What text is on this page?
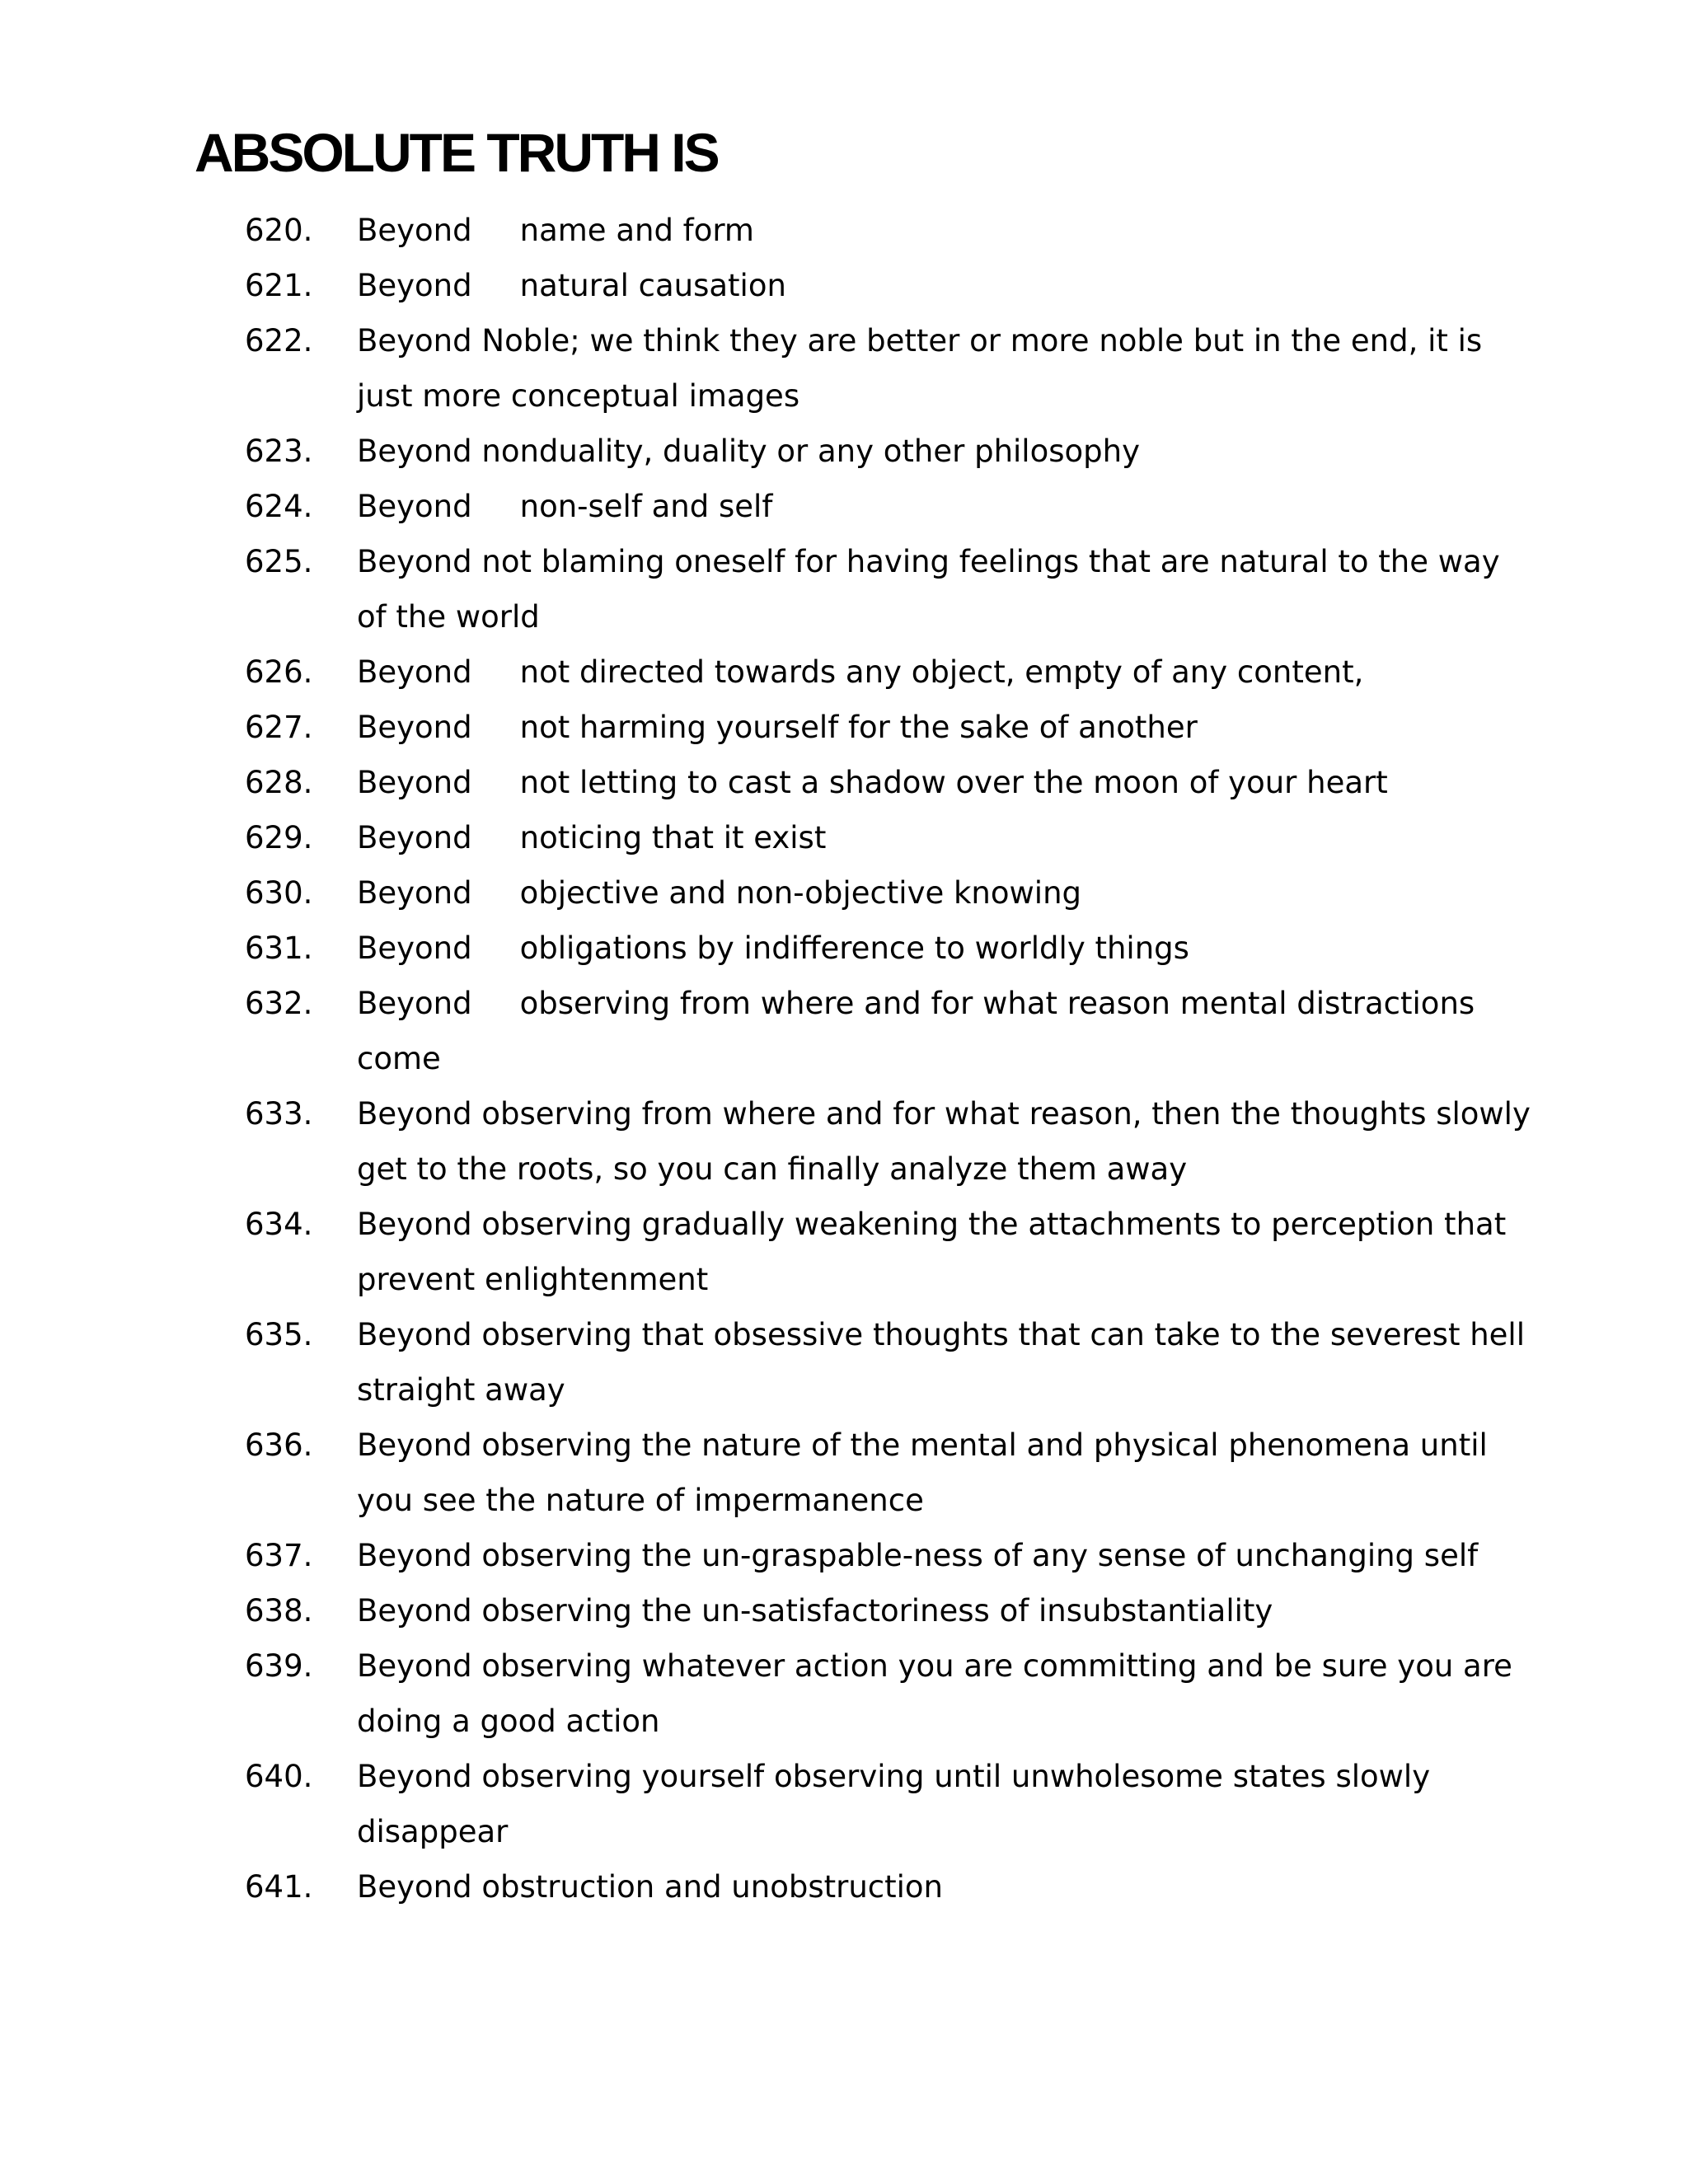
ABSOLUTE TRUTH IS
620. Beyond name and form
621. Beyond natural causation
622. Beyond Noble; we think they are better or more noble but in the end, it is just more conceptual images
623. Beyond nonduality, duality or any other philosophy
624. Beyond non-self and self
625. Beyond not blaming oneself for having feelings that are natural to the way of the world
626. Beyond not directed towards any object, empty of any content,
627. Beyond not harming yourself for the sake of another
628. Beyond not letting to cast a shadow over the moon of your heart
629. Beyond noticing that it exist
630. Beyond objective and non-objective knowing
631. Beyond obligations by indifference to worldly things
632. Beyond observing from where and for what reason mental distractions come
633. Beyond observing from where and for what reason, then the thoughts slowly get to the roots, so you can finally analyze them away
634. Beyond observing gradually weakening the attachments to perception that prevent enlightenment
635. Beyond observing that obsessive thoughts that can take to the severest hell straight away
636. Beyond observing the nature of the mental and physical phenomena until you see the nature of impermanence
637. Beyond observing the un-graspable-ness of any sense of unchanging self
638. Beyond observing the un-satisfactoriness of insubstantiality
639. Beyond observing whatever action you are committing and be sure you are doing a good action
640. Beyond observing yourself observing until unwholesome states slowly disappear
641. Beyond obstruction and unobstruction
